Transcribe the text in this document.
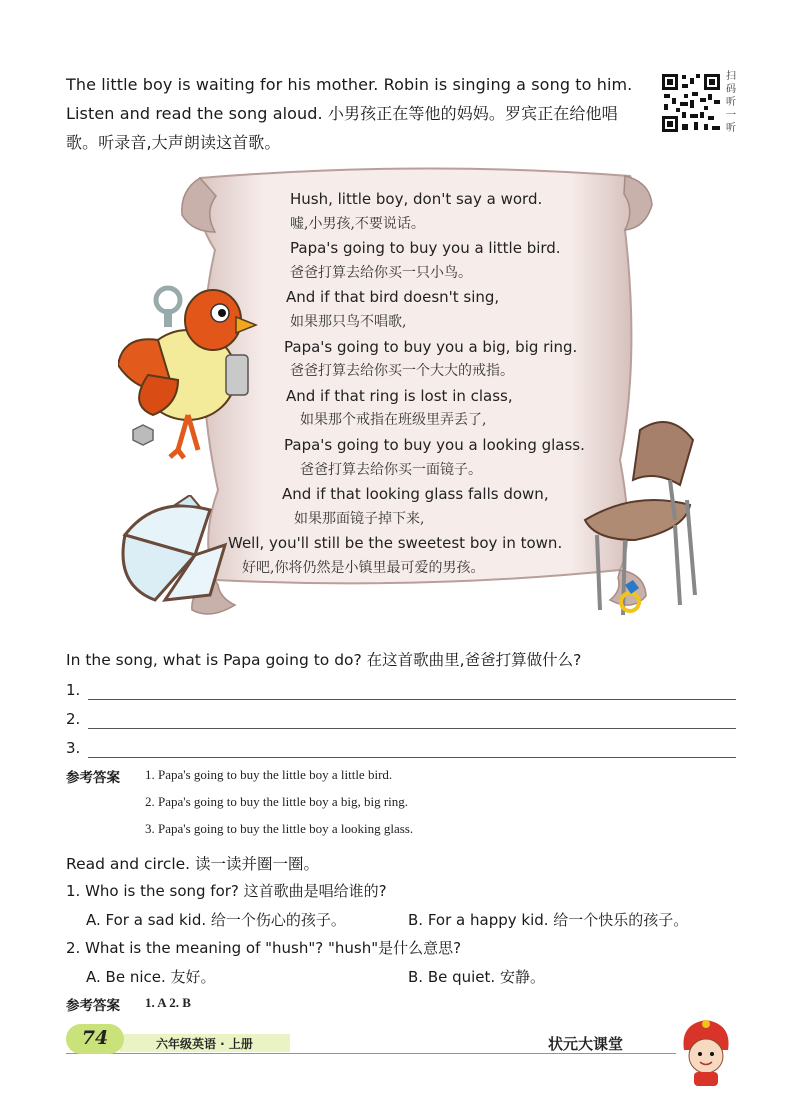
The little boy is waiting for his mother. Robin is singing a song to him. Listen and read the song aloud. 小男孩正在等他的妈妈。罗宾正在给他唱歌。听录音,大声朗读这首歌。
扫码听一听
Hush, little boy, don't say a word.
嘘,小男孩,不要说话。
Papa's going to buy you a little bird.
爸爸打算去给你买一只小鸟。
And if that bird doesn't sing,
如果那只鸟不唱歌,
Papa's going to buy you a big, big ring.
爸爸打算去给你买一个大大的戒指。
And if that ring is lost in class,
如果那个戒指在班级里弄丢了,
Papa's going to buy you a looking glass.
爸爸打算去给你买一面镜子。
And if that looking glass falls down,
如果那面镜子掉下来,
Well, you'll still be the sweetest boy in town.
好吧,你将仍然是小镇里最可爱的男孩。
In the song, what is Papa going to do? 在这首歌曲里,爸爸打算做什么?
1.
2.
3.
参考答案 1. Papa's going to buy the little boy a little bird.
2. Papa's going to buy the little boy a big, big ring.
3. Papa's going to buy the little boy a looking glass.
Read and circle. 读一读并圈一圈。
1. Who is the song for? 这首歌曲是唱给谁的?
A. For a sad kid. 给一个伤心的孩子。	B. For a happy kid. 给一个快乐的孩子。
2. What is the meaning of "hush"? "hush"是什么意思?
A. Be nice. 友好。	B. Be quiet. 安静。
参考答案 1. A 2. B
六年级英语 · 上册
74	状元大课堂
